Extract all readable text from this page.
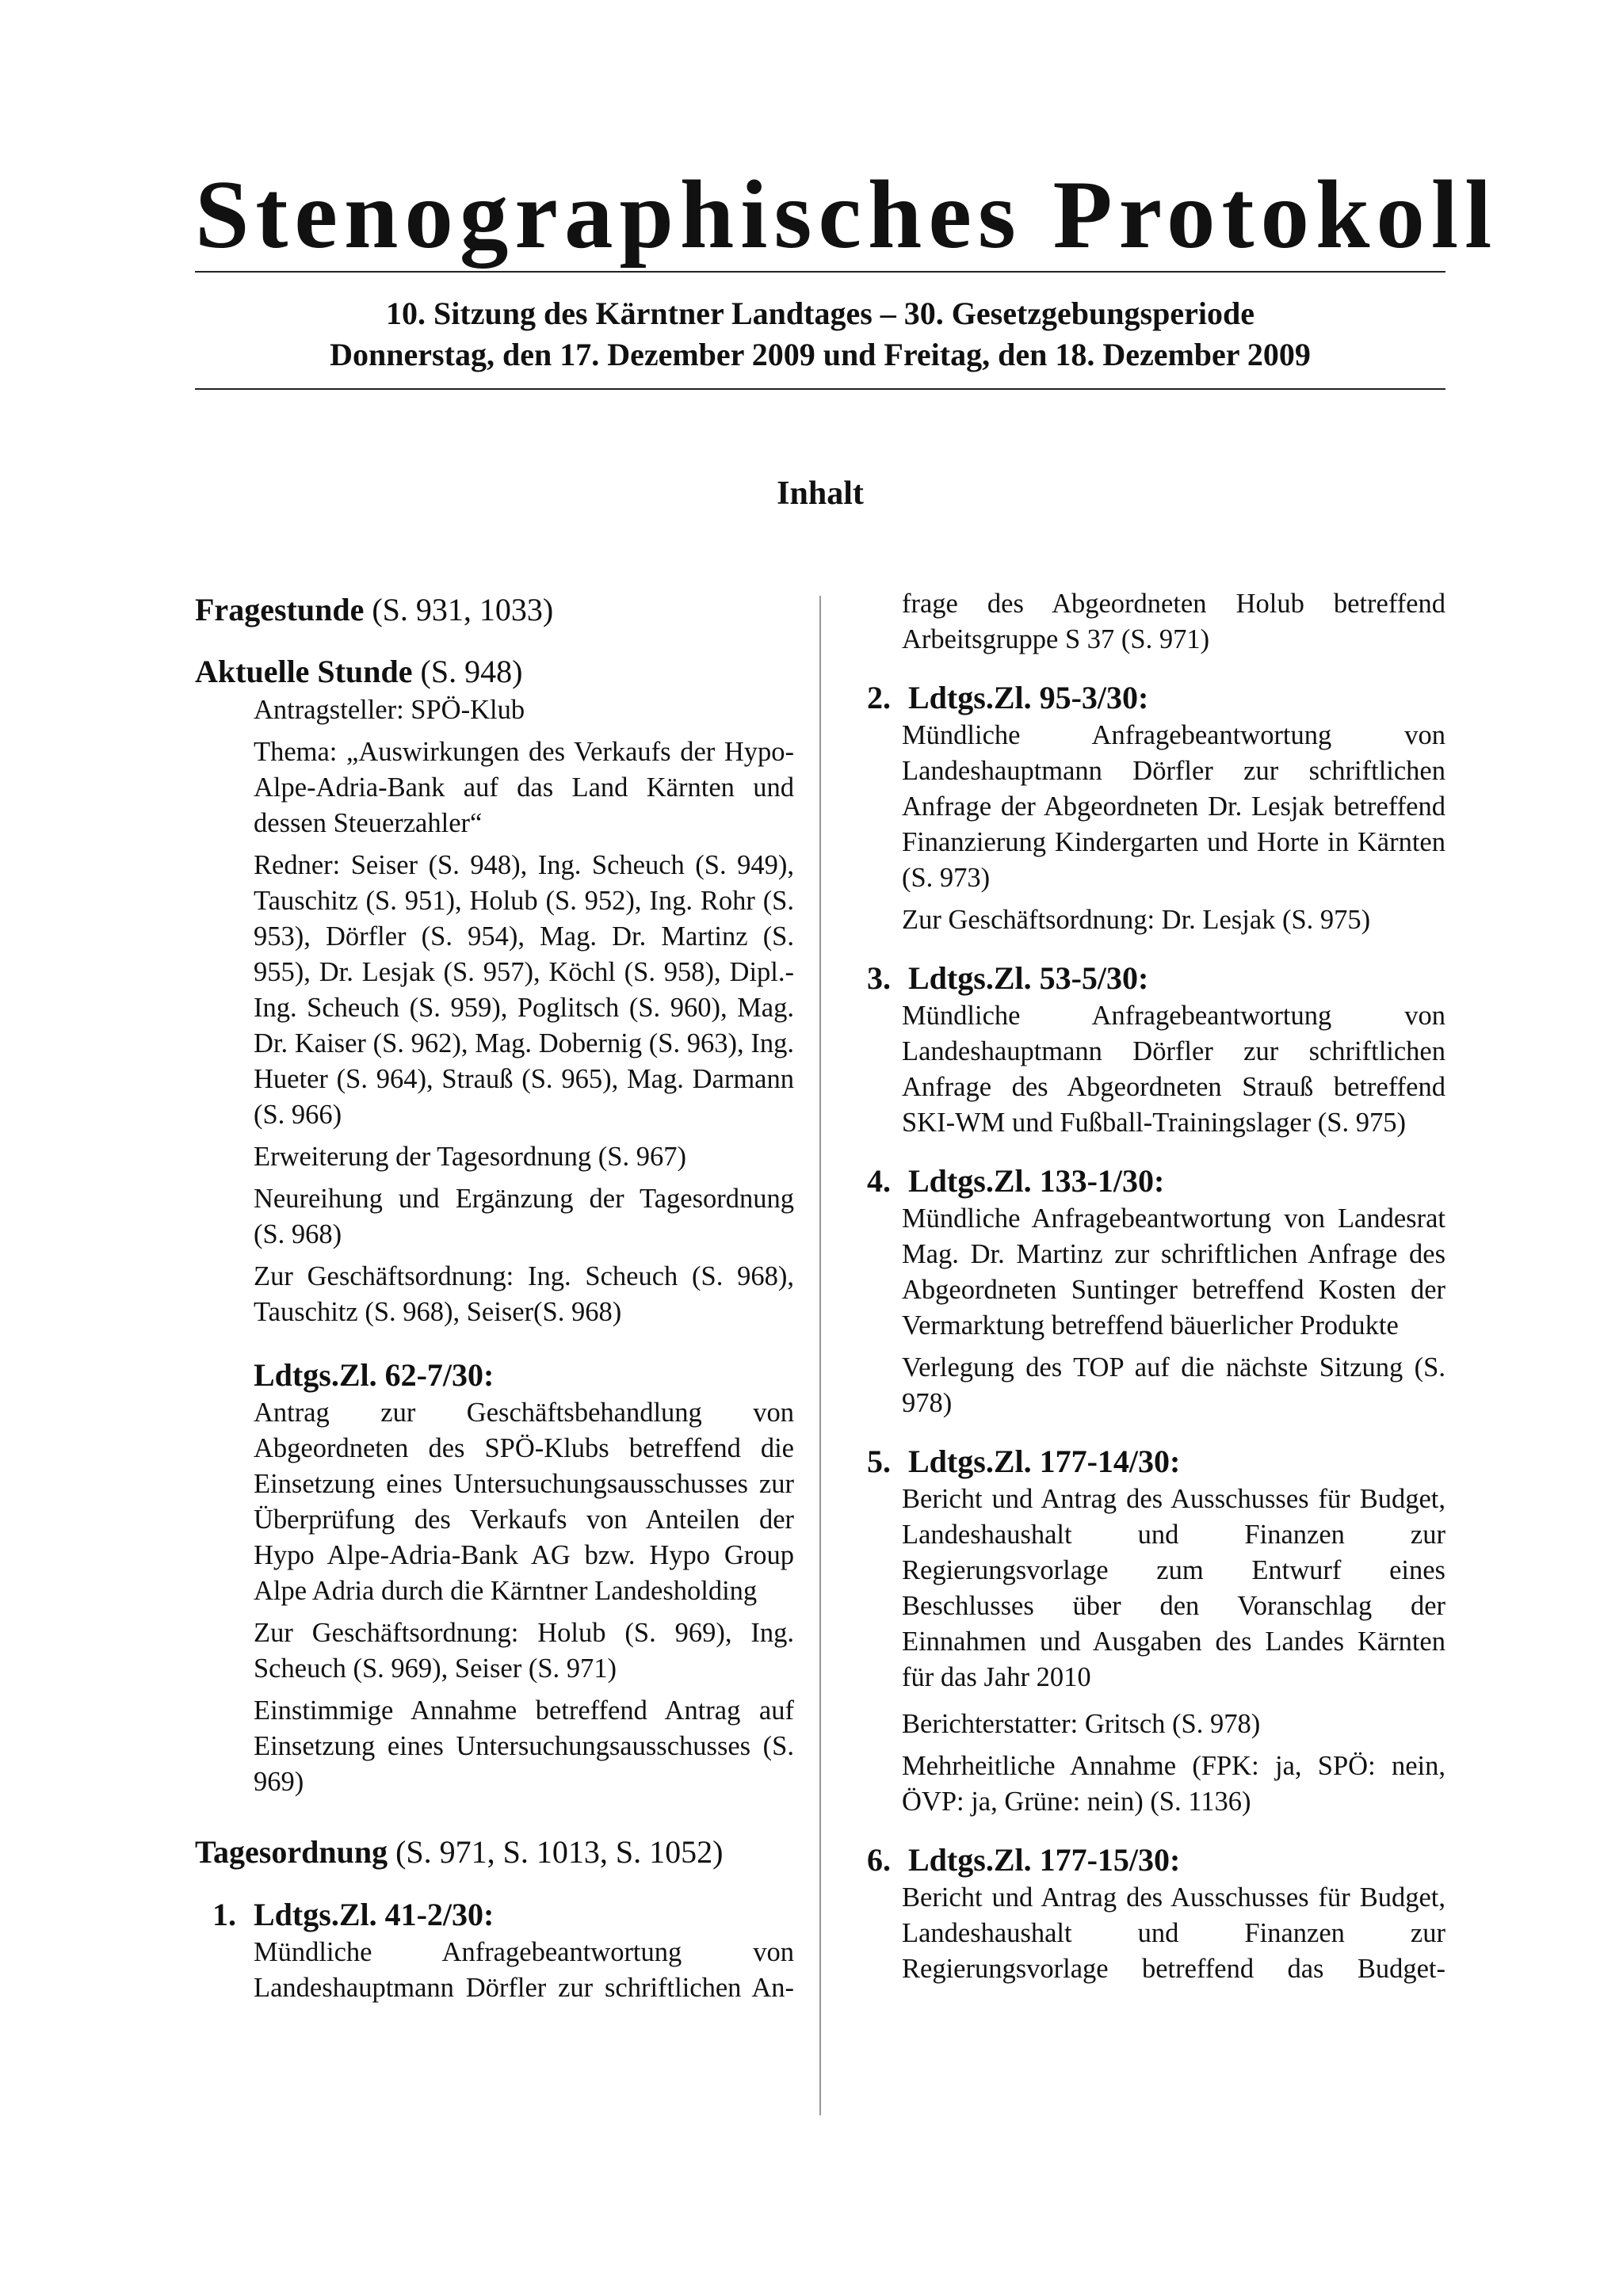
Stenographisches Protokoll
10. Sitzung des Kärntner Landtages – 30. Gesetzgebungsperiode
Donnerstag, den 17. Dezember 2009 und Freitag, den 18. Dezember 2009
Inhalt
Fragestunde (S. 931, 1033)
Aktuelle Stunde (S. 948)
Antragsteller: SPÖ-Klub
Thema: „Auswirkungen des Verkaufs der Hypo-Alpe-Adria-Bank auf das Land Kärnten und dessen Steuerzahler“
Redner: Seiser (S. 948), Ing. Scheuch (S. 949), Tauschitz (S. 951), Holub (S. 952), Ing. Rohr (S. 953), Dörfler (S. 954), Mag. Dr. Martinz (S. 955), Dr. Lesjak (S. 957), Köchl (S. 958), Dipl.-Ing. Scheuch (S. 959), Poglitsch (S. 960), Mag. Dr. Kaiser (S. 962), Mag. Dobernig (S. 963), Ing. Hueter (S. 964), Strauß (S. 965), Mag. Darmann (S. 966)
Erweiterung der Tagesordnung (S. 967)
Neureihung und Ergänzung der Tagesordnung (S. 968)
Zur Geschäftsordnung: Ing. Scheuch (S. 968), Tauschitz (S. 968), Seiser(S. 968)
Ldtgs.Zl. 62-7/30:
Antrag zur Geschäftsbehandlung von Abgeordneten des SPÖ-Klubs betreffend die Einsetzung eines Untersuchungsausschusses zur Überprüfung des Verkaufs von Anteilen der Hypo Alpe-Adria-Bank AG bzw. Hypo Group Alpe Adria durch die Kärntner Landesholding
Zur Geschäftsordnung: Holub (S. 969), Ing. Scheuch (S. 969), Seiser (S. 971)
Einstimmige Annahme betreffend Antrag auf Einsetzung eines Untersuchungsausschusses (S. 969)
Tagesordnung (S. 971, S. 1013, S. 1052)
1. Ldtgs.Zl. 41-2/30:
Mündliche Anfragebeantwortung von Landeshauptmann Dörfler zur schriftlichen An-
frage des Abgeordneten Holub betreffend Arbeitsgruppe S 37 (S. 971)
2. Ldtgs.Zl. 95-3/30:
Mündliche Anfragebeantwortung von Landeshauptmann Dörfler zur schriftlichen Anfrage der Abgeordneten Dr. Lesjak betreffend Finanzierung Kindergarten und Horte in Kärnten (S. 973)
Zur Geschäftsordnung: Dr. Lesjak (S. 975)
3. Ldtgs.Zl. 53-5/30:
Mündliche Anfragebeantwortung von Landeshauptmann Dörfler zur schriftlichen Anfrage des Abgeordneten Strauß betreffend SKI-WM und Fußball-Trainingslager (S. 975)
4. Ldtgs.Zl. 133-1/30:
Mündliche Anfragebeantwortung von Landesrat Mag. Dr. Martinz zur schriftlichen Anfrage des Abgeordneten Suntinger betreffend Kosten der Vermarktung betreffend bäuerlicher Produkte
Verlegung des TOP auf die nächste Sitzung (S. 978)
5. Ldtgs.Zl. 177-14/30:
Bericht und Antrag des Ausschusses für Budget, Landeshaushalt und Finanzen zur Regierungsvorlage zum Entwurf eines Beschlusses über den Voranschlag der Einnahmen und Ausgaben des Landes Kärnten für das Jahr 2010
Berichterstatter: Gritsch (S. 978)
Mehrheitliche Annahme (FPK: ja, SPÖ: nein, ÖVP: ja, Grüne: nein) (S. 1136)
6. Ldtgs.Zl. 177-15/30:
Bericht und Antrag des Ausschusses für Budget, Landeshaushalt und Finanzen zur Regierungsvorlage betreffend das Budget-
